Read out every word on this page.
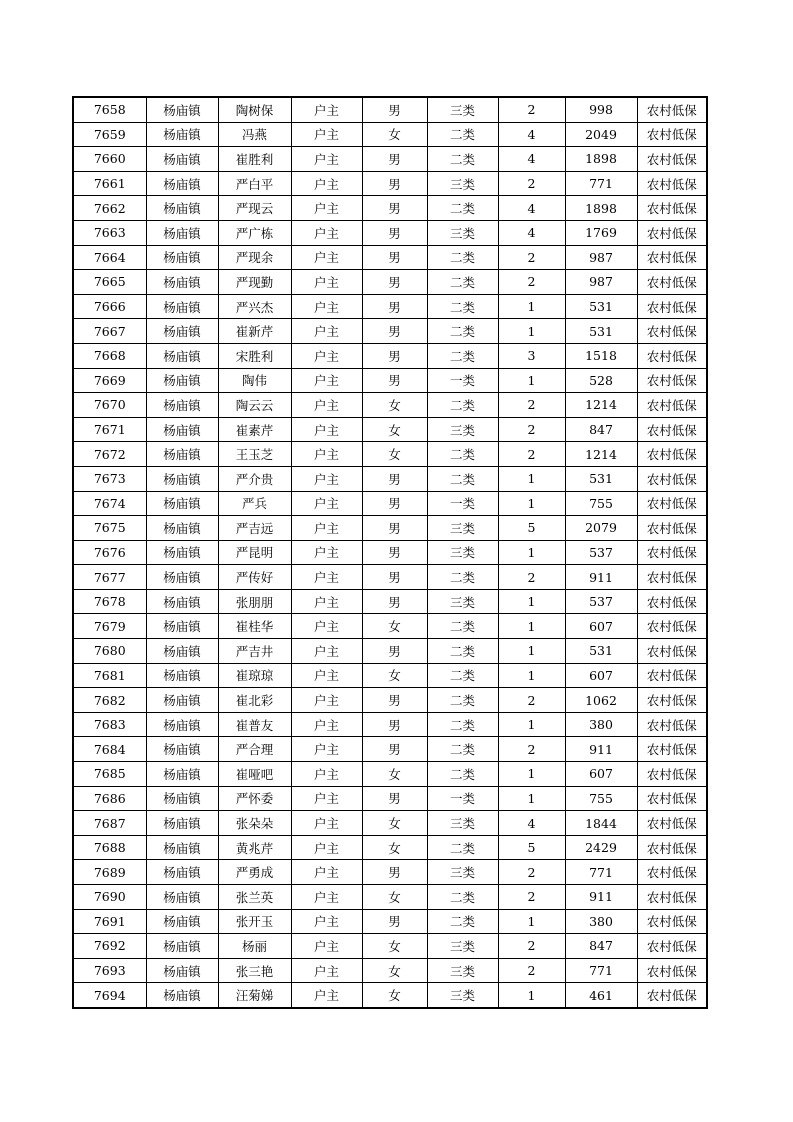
7658	杨庙镇	陶树保	户主	男	三类	2	998	农村低保
7659	杨庙镇	冯燕	户主	女	二类	4	2049	农村低保
7660	杨庙镇	崔胜利	户主	男	二类	4	1898	农村低保
7661	杨庙镇	严白平	户主	男	三类	2	771	农村低保
7662	杨庙镇	严现云	户主	男	二类	4	1898	农村低保
7663	杨庙镇	严广栋	户主	男	三类	4	1769	农村低保
7664	杨庙镇	严现余	户主	男	二类	2	987	农村低保
7665	杨庙镇	严现勤	户主	男	二类	2	987	农村低保
7666	杨庙镇	严兴杰	户主	男	二类	1	531	农村低保
7667	杨庙镇	崔新芹	户主	男	二类	1	531	农村低保
7668	杨庙镇	宋胜利	户主	男	二类	3	1518	农村低保
7669	杨庙镇	陶伟	户主	男	一类	1	528	农村低保
7670	杨庙镇	陶云云	户主	女	二类	2	1214	农村低保
7671	杨庙镇	崔素芹	户主	女	三类	2	847	农村低保
7672	杨庙镇	王玉芝	户主	女	二类	2	1214	农村低保
7673	杨庙镇	严介贵	户主	男	二类	1	531	农村低保
7674	杨庙镇	严兵	户主	男	一类	1	755	农村低保
7675	杨庙镇	严吉远	户主	男	三类	5	2079	农村低保
7676	杨庙镇	严昆明	户主	男	三类	1	537	农村低保
7677	杨庙镇	严传好	户主	男	二类	2	911	农村低保
7678	杨庙镇	张朋朋	户主	男	三类	1	537	农村低保
7679	杨庙镇	崔桂华	户主	女	二类	1	607	农村低保
7680	杨庙镇	严吉井	户主	男	二类	1	531	农村低保
7681	杨庙镇	崔琼琼	户主	女	二类	1	607	农村低保
7682	杨庙镇	崔北彩	户主	男	二类	2	1062	农村低保
7683	杨庙镇	崔普友	户主	男	二类	1	380	农村低保
7684	杨庙镇	严合理	户主	男	二类	2	911	农村低保
7685	杨庙镇	崔哑吧	户主	女	二类	1	607	农村低保
7686	杨庙镇	严怀委	户主	男	一类	1	755	农村低保
7687	杨庙镇	张朵朵	户主	女	三类	4	1844	农村低保
7688	杨庙镇	黄兆芹	户主	女	二类	5	2429	农村低保
7689	杨庙镇	严勇成	户主	男	三类	2	771	农村低保
7690	杨庙镇	张兰英	户主	女	二类	2	911	农村低保
7691	杨庙镇	张开玉	户主	男	二类	1	380	农村低保
7692	杨庙镇	杨丽	户主	女	三类	2	847	农村低保
7693	杨庙镇	张三艳	户主	女	三类	2	771	农村低保
7694	杨庙镇	汪菊娣	户主	女	三类	1	461	农村低保
